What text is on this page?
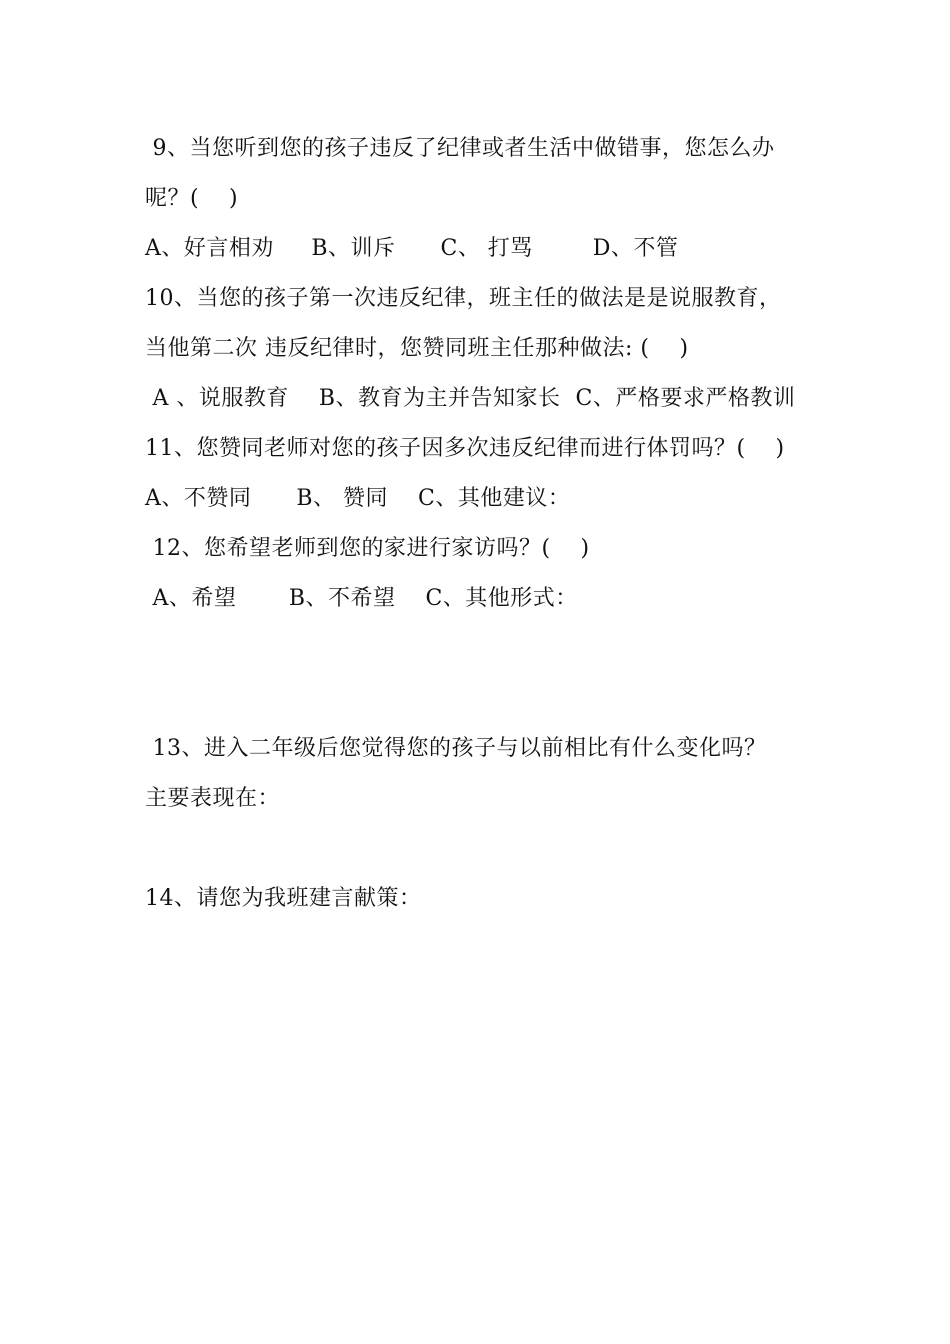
9、当您听到您的孩子违反了纪律或者生活中做错事，您怎么办
呢？(    )
A、好言相劝     B、训斥      C、 打骂        D、不管
10、当您的孩子第一次违反纪律，班主任的做法是是说服教育，
当他第二次 违反纪律时，您赞同班主任那种做法: (    )
A 、说服教育    B、教育为主并告知家长  C、严格要求严格教训
11、您赞同老师对您的孩子因多次违反纪律而进行体罚吗？(    )
A、不赞同      B、 赞同    C、其他建议：
12、您希望老师到您的家进行家访吗？(    )
A、希望       B、不希望    C、其他形式：
13、进入二年级后您觉得您的孩子与以前相比有什么变化吗？
主要表现在：
14、请您为我班建言献策：
